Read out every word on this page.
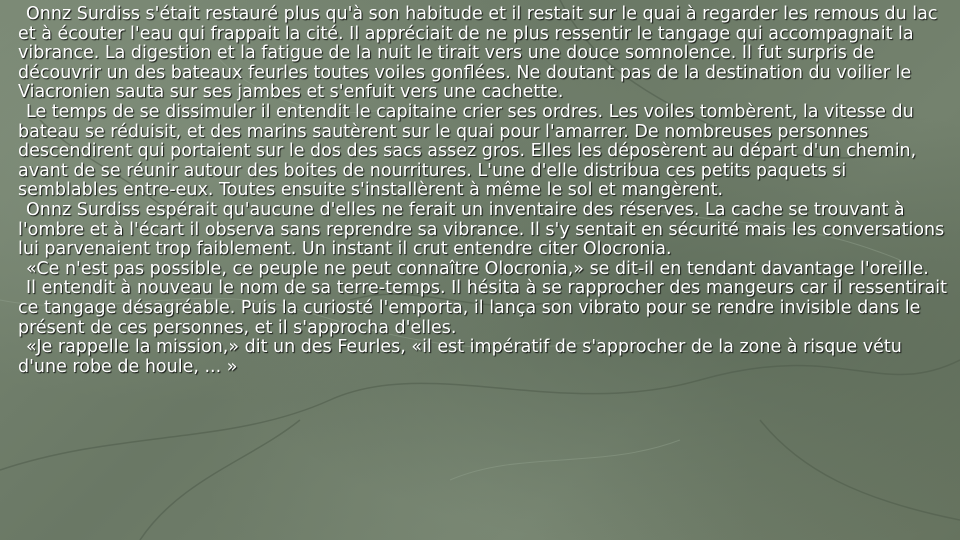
Onnz Surdiss s'était restauré plus qu'à son habitude et il restait sur le quai à regarder les remous du lac et à écouter l'eau qui frappait la cité. Il appréciait de ne plus ressentir le tangage qui accompagnait la vibrance. La digestion et la fatigue de la nuit le tirait vers une douce somnolence. Il fut surpris de découvrir un des bateaux feurles toutes voiles gonflées. Ne doutant pas de la destination du voilier le Viacronien sauta sur ses jambes et s'enfuit vers une cachette.

Le temps de se dissimuler il entendit le capitaine crier ses ordres. Les voiles tombèrent, la vitesse du bateau se réduisit, et des marins sautèrent sur le quai pour l'amarrer. De nombreuses personnes descendirent qui portaient sur le dos des sacs assez gros. Elles les déposèrent au départ d'un chemin, avant de se réunir autour des boites de nourritures. L'une d'elle distribua ces petits paquets si semblables entre-eux. Toutes ensuite s'installèrent à même le sol et mangèrent.

Onnz Surdiss espérait qu'aucune d'elles ne ferait un inventaire des réserves. La cache se trouvant à l'ombre et à l'écart il observa sans reprendre sa vibrance. Il s'y sentait en sécurité mais les conversations lui parvenaient trop faiblement. Un instant il crut entendre citer Olocronia.

«Ce n'est pas possible, ce peuple ne peut connaître Olocronia,» se dit-il en tendant davantage l'oreille.

Il entendit à nouveau le nom de sa terre-temps. Il hésita à se rapprocher des mangeurs car il ressentirait ce tangage désagréable. Puis la curiosté l'emporta, il lança son vibrato pour se rendre invisible dans le présent de ces personnes, et il s'approcha d'elles.

«Je rappelle la mission,» dit un des Feurles, «il est impératif de s'approcher de la zone à risque vétu d'une robe de houle, ... »
